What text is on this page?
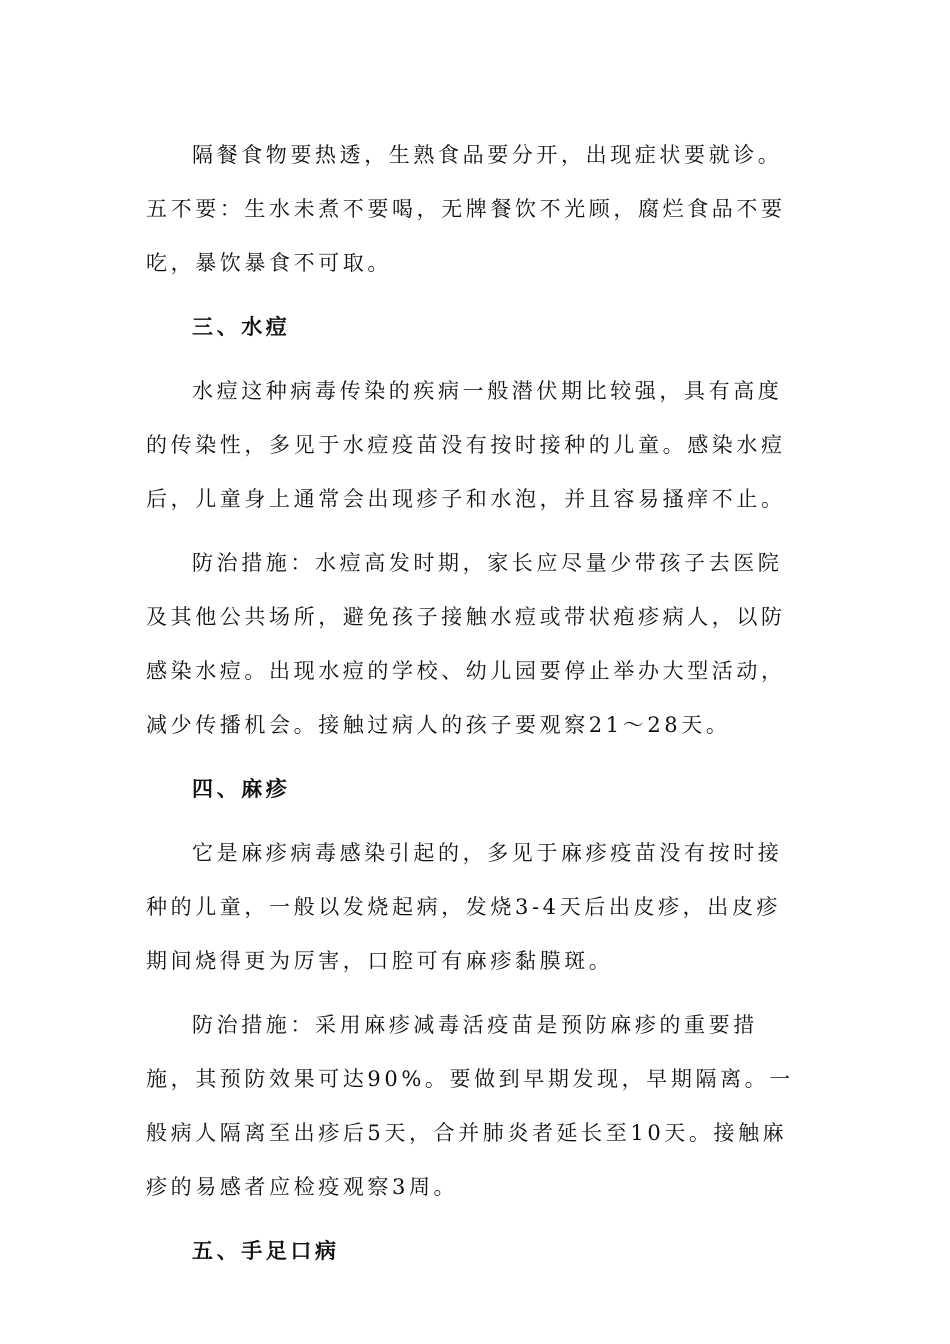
隔餐食物要热透，生熟食品要分开，出现症状要就诊。五不要：生水未煮不要喝，无牌餐饮不光顾，腐烂食品不要吃，暴饮暴食不可取。

三、水痘

水痘这种病毒传染的疾病一般潜伏期比较强，具有高度的传染性，多见于水痘疫苗没有按时接种的儿童。感染水痘后，儿童身上通常会出现疹子和水泡，并且容易搔痒不止。

防治措施：水痘高发时期，家长应尽量少带孩子去医院及其他公共场所，避免孩子接触水痘或带状疱疹病人，以防感染水痘。出现水痘的学校、幼儿园要停止举办大型活动，减少传播机会。接触过病人的孩子要观察21～28天。

四、麻疹

它是麻疹病毒感染引起的，多见于麻疹疫苗没有按时接种的儿童，一般以发烧起病，发烧3-4天后出皮疹，出皮疹期间烧得更为厉害，口腔可有麻疹黏膜斑。

防治措施：采用麻疹减毒活疫苗是预防麻疹的重要措施，其预防效果可达90%。要做到早期发现，早期隔离。一般病人隔离至出疹后5天，合并肺炎者延长至10天。接触麻疹的易感者应检疫观察3周。

五、手足口病
